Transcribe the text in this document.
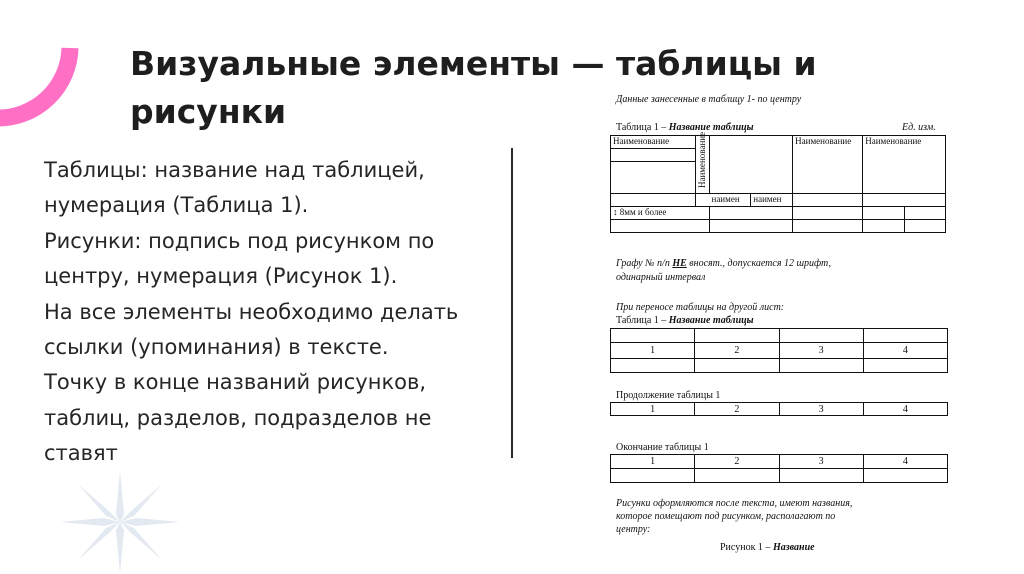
Визуальные элементы — таблицы и рисунки

Таблицы: название над таблицей, нумерация (Таблица 1).

Рисунки: подпись под рисунком по центру, нумерация (Рисунок 1).

На все элементы необходимо делать ссылки (упоминания) в тексте.

Точку в конце названий рисунков, таблиц, разделов, подразделов не ставят

Данные занесенные в таблицу 1- по центру
Таблица 1 – Название таблицы	Ед. изм.
Наименование	Наименование			Наименование	Наименование	

		наимен	наимен			
↕ 8мм и более						

Графу № п/п НЕ вносят., допускается 12 шрифт,
одинарный интервал
При переносе таблицы на другой лист:
Таблица 1 – Название таблицы

1	2	3	4

Продолжение таблицы 1
1	2	3	4
Окончание таблицы 1
1	2	3	4

Рисунки оформляются после текста, имеют названия,
которое помещают под рисунком, располагают по
центру:
Рисунок 1 – Название
